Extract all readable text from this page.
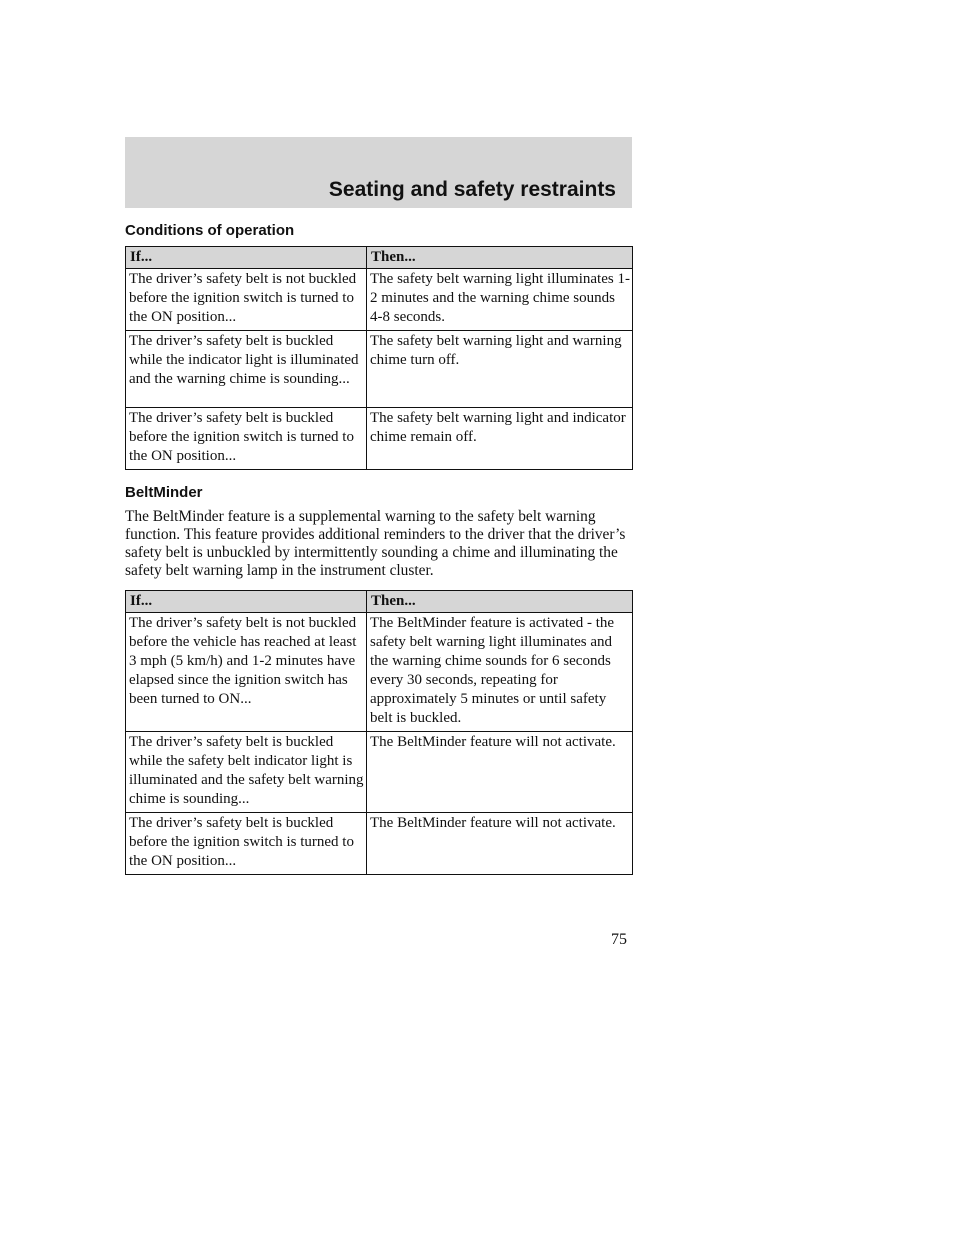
Seating and safety restraints
Conditions of operation
If...	Then...
The driver’s safety belt is not buckled before the ignition switch is turned to the ON position...	The safety belt warning light illuminates 1-2 minutes and the warning chime sounds 4-8 seconds.
The driver’s safety belt is buckled while the indicator light is illuminated and the warning chime is sounding...	The safety belt warning light and warning chime turn off.
The driver’s safety belt is buckled before the ignition switch is turned to the ON position...	The safety belt warning light and indicator chime remain off.
BeltMinder

The BeltMinder feature is a supplemental warning to the safety belt warning function. This feature provides additional reminders to the driver that the driver’s safety belt is unbuckled by intermittently sounding a chime and illuminating the safety belt warning lamp in the instrument cluster.

If...	Then...
The driver’s safety belt is not buckled before the vehicle has reached at least 3 mph (5 km/h) and 1-2 minutes have elapsed since the ignition switch has been turned to ON...	The BeltMinder feature is activated - the safety belt warning light illuminates and the warning chime sounds for 6 seconds every 30 seconds, repeating for approximately 5 minutes or until safety belt is buckled.
The driver’s safety belt is buckled while the safety belt indicator light is illuminated and the safety belt warning chime is sounding...	The BeltMinder feature will not activate.
The driver’s safety belt is buckled before the ignition switch is turned to the ON position...	The BeltMinder feature will not activate.
75
